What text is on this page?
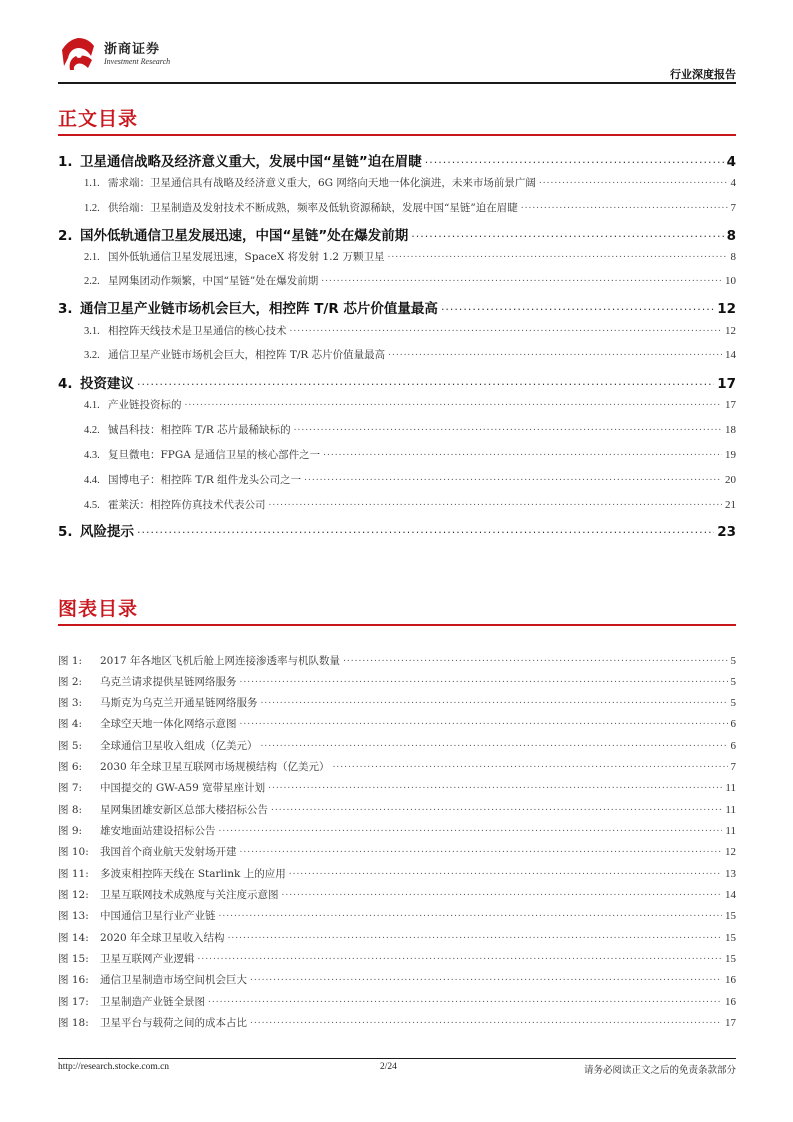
浙商证券
Investment Research
行业深度报告
正文目录
1. 卫星通信战略及经济意义重大，发展中国“星链”迫在眉睫 .....	4
1.1. 需求端：卫星通信具有战略及经济意义重大，6G 网络向天地一体化演进，未来市场前景广阔 .....	4
1.2. 供给端：卫星制造及发射技术不断成熟，频率及低轨资源稀缺，发展中国“星链”迫在眉睫 .....	7
2. 国外低轨通信卫星发展迅速，中国“星链”处在爆发前期 .....	8
2.1. 国外低轨通信卫星发展迅速，SpaceX 将发射 1.2 万颗卫星 .....	8
2.2. 星网集团动作频繁，中国“星链”处在爆发前期 .....	10
3. 通信卫星产业链市场机会巨大，相控阵 T/R 芯片价值量最高 .....	12
3.1. 相控阵天线技术是卫星通信的核心技术 .....	12
3.2. 通信卫星产业链市场机会巨大，相控阵 T/R 芯片价值量最高 .....	14
4. 投资建议 .....	17
4.1. 产业链投资标的 .....	17
4.2. 铖昌科技：相控阵 T/R 芯片最稀缺标的 .....	18
4.3. 复旦微电：FPGA 是通信卫星的核心部件之一 .....	19
4.4. 国博电子：相控阵 T/R 组件龙头公司之一 .....	20
4.5. 霍莱沃：相控阵仿真技术代表公司 .....	21
5. 风险提示 .....	23
图表目录
图 1:	2017 年各地区飞机后舱上网连接渗透率与机队数量 .....	5
图 2:	乌克兰请求提供星链网络服务 .....	5
图 3:	马斯克为乌克兰开通星链网络服务 .....	5
图 4:	全球空天地一体化网络示意图 .....	6
图 5:	全球通信卫星收入组成（亿美元） .....	6
图 6:	2030 年全球卫星互联网市场规模结构（亿美元） .....	7
图 7:	中国提交的 GW-A59 宽带星座计划 .....	11
图 8:	星网集团雄安新区总部大楼招标公告 .....	11
图 9:	雄安地面站建设招标公告 .....	11
图 10:	我国首个商业航天发射场开建 .....	12
图 11:	多波束相控阵天线在 Starlink 上的应用 .....	13
图 12:	卫星互联网技术成熟度与关注度示意图 .....	14
图 13:	中国通信卫星行业产业链 .....	15
图 14:	2020 年全球卫星收入结构 .....	15
图 15:	卫星互联网产业逻辑 .....	15
图 16:	通信卫星制造市场空间机会巨大 .....	16
图 17:	卫星制造产业链全景图 .....	16
图 18:	卫星平台与载荷之间的成本占比 .....	17
http://research.stocke.com.cn	2/24	请务必阅读正文之后的免责条款部分
